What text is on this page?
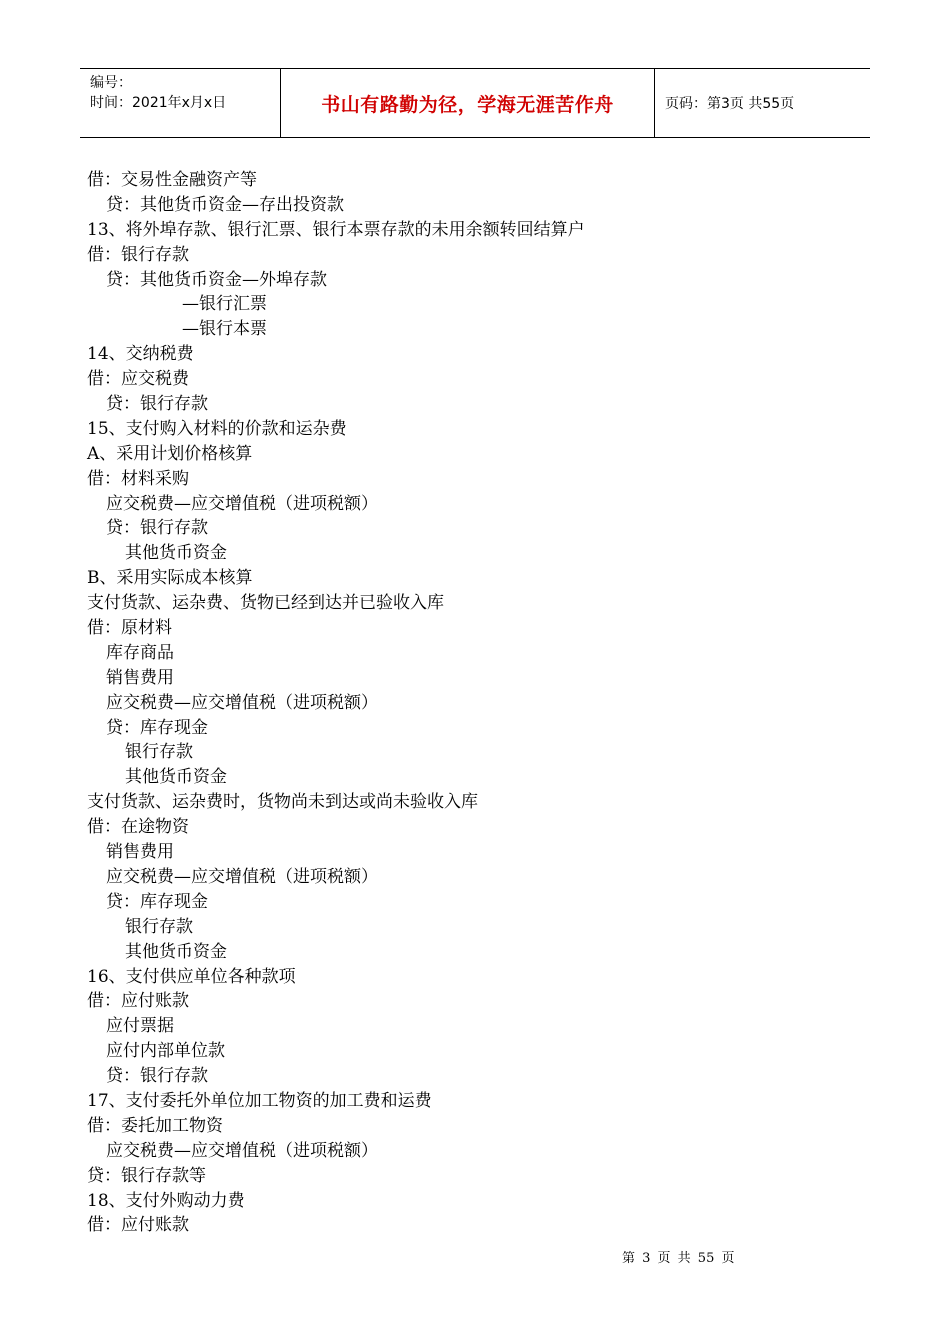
编号：
时间：2021年x月x日	书山有路勤为径，学海无涯苦作舟	页码：第3页 共55页
借：交易性金融资产等
贷：其他货币资金—存出投资款
13、将外埠存款、银行汇票、银行本票存款的未用余额转回结算户
借：银行存款
贷：其他货币资金—外埠存款
—银行汇票
—银行本票
14、交纳税费
借：应交税费
贷：银行存款
15、支付购入材料的价款和运杂费
A、采用计划价格核算
借：材料采购
应交税费—应交增值税（进项税额）
贷：银行存款
其他货币资金
B、采用实际成本核算
支付货款、运杂费、货物已经到达并已验收入库
借：原材料
库存商品
销售费用
应交税费—应交增值税（进项税额）
贷：库存现金
银行存款
其他货币资金
支付货款、运杂费时，货物尚未到达或尚未验收入库
借：在途物资
销售费用
应交税费—应交增值税（进项税额）
贷：库存现金
银行存款
其他货币资金
16、支付供应单位各种款项
借：应付账款
应付票据
应付内部单位款
贷：银行存款
17、支付委托外单位加工物资的加工费和运费
借：委托加工物资
应交税费—应交增值税（进项税额）
贷：银行存款等
18、支付外购动力费
借：应付账款
第 3 页 共 55 页
